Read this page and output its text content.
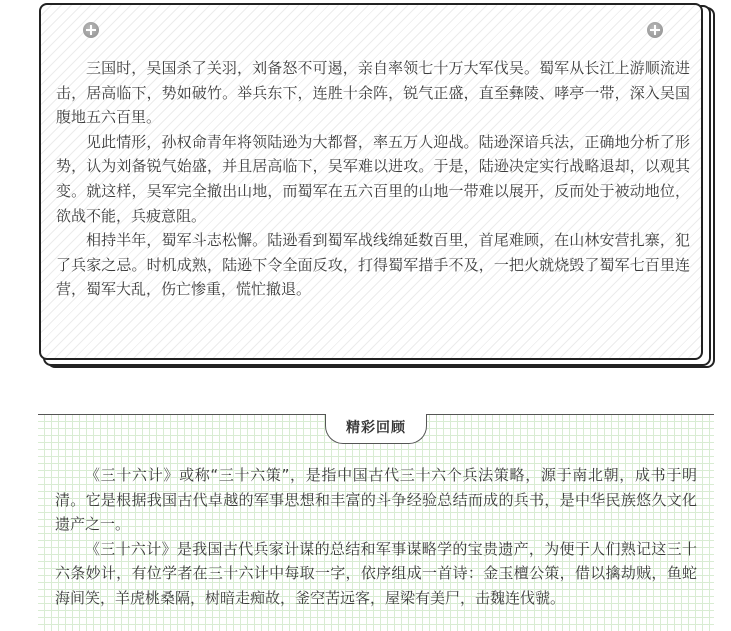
三国时，吴国杀了关羽，刘备怒不可遏，亲自率领七十万大军伐吴。蜀军从长江上游顺流进击，居高临下，势如破竹。举兵东下，连胜十余阵，锐气正盛，直至彝陵、哮亭一带，深入吴国腹地五六百里。

见此情形，孙权命青年将领陆逊为大都督，率五万人迎战。陆逊深谙兵法，正确地分析了形势，认为刘备锐气始盛，并且居高临下，吴军难以进攻。于是，陆逊决定实行战略退却，以观其变。就这样，吴军完全撤出山地，而蜀军在五六百里的山地一带难以展开，反而处于被动地位，欲战不能，兵疲意阻。

相持半年，蜀军斗志松懈。陆逊看到蜀军战线绵延数百里，首尾难顾，在山林安营扎寨，犯了兵家之忌。时机成熟，陆逊下令全面反攻，打得蜀军措手不及，一把火就烧毁了蜀军七百里连营，蜀军大乱，伤亡惨重，慌忙撤退。

精彩回顾

《三十六计》或称“三十六策”，是指中国古代三十六个兵法策略，源于南北朝，成书于明清。它是根据我国古代卓越的军事思想和丰富的斗争经验总结而成的兵书，是中华民族悠久文化遗产之一。

《三十六计》是我国古代兵家计谋的总结和军事谋略学的宝贵遗产，为便于人们熟记这三十六条妙计，有位学者在三十六计中每取一字，依序组成一首诗：金玉檀公策，借以擒劫贼，鱼蛇海间笑，羊虎桃桑隔，树暗走痴故，釜空苦远客，屋梁有美尸，击魏连伐虢。
